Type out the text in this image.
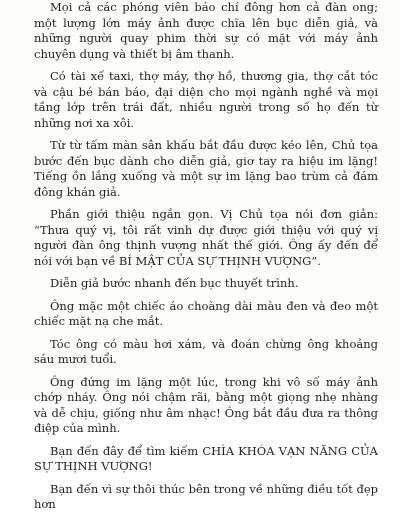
Mọi cả các phóng viên báo chí đông hơn cả đàn ong; một lượng lớn máy ảnh được chĩa lên bục diễn giả, và những người quay phim thời sự có mặt với máy ảnh chuyên dụng và thiết bị âm thanh.

Có tài xế taxi, thợ máy, thợ hồ, thương gia, thợ cắt tóc và cậu bé bán báo, đại diện cho mọi ngành nghề và mọi tầng lớp trên trái đất, nhiều người trong số họ đến từ những nơi xa xôi.

Từ từ tấm màn sân khấu bắt đầu được kéo lên, Chủ tọa bước đến bục dành cho diễn giả, giơ tay ra hiệu im lặng! Tiếng ồn lắng xuống và một sự im lặng bao trùm cả đám đông khán giả.

Phần giới thiệu ngắn gọn. Vị Chủ tọa nói đơn giản: “Thưa quý vị, tôi rất vinh dự được giới thiệu với quý vị người đàn ông thịnh vượng nhất thế giới. Ông ấy đến để nói với bạn về BÍ MẬT CỦA SỰ THỊNH VƯỢNG”.

Diễn giả bước nhanh đến bục thuyết trình.

Ông mặc một chiếc áo choàng dài màu đen và đeo một chiếc mặt nạ che mắt.

Tóc ông có màu hơi xám, và đoán chừng ông khoảng sáu mươi tuổi.

Ông đứng im lặng một lúc, trong khi vô số máy ảnh chớp nháy. Ông nói chậm rãi, bằng một giọng nhẹ nhàng và dễ chịu, giống như âm nhạc! Ông bắt đầu đưa ra thông điệp của mình.

Bạn đến đây để tìm kiếm CHÌA KHÓA VẠN NĂNG CỦA SỰ THỊNH VƯỢNG!

Bạn đến vì sự thôi thúc bên trong về những điều tốt đẹp hơn
